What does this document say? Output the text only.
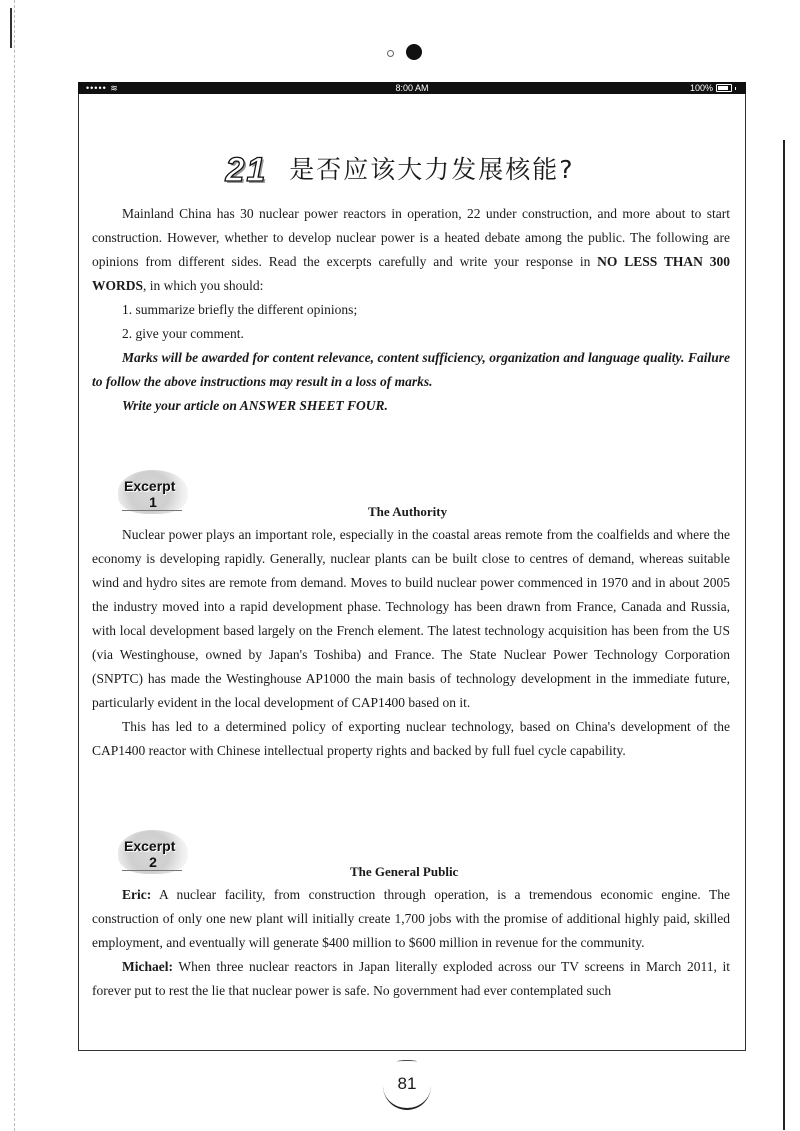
••••• ≋	8:00 AM	100%
21 是否应该大力发展核能?

Mainland China has 30 nuclear power reactors in operation, 22 under construction, and more about to start construction. However, whether to develop nuclear power is a heated debate among the public. The following are opinions from different sides. Read the excerpts carefully and write your response in NO LESS THAN 300 WORDS, in which you should:

1. summarize briefly the different opinions;
2. give your comment.

Marks will be awarded for content relevance, content sufficiency, organization and language quality. Failure to follow the above instructions may result in a loss of marks.

Write your article on ANSWER SHEET FOUR.

Excerpt
1
The Authority

Nuclear power plays an important role, especially in the coastal areas remote from the coalfields and where the economy is developing rapidly. Generally, nuclear plants can be built close to centres of demand, whereas suitable wind and hydro sites are remote from demand. Moves to build nuclear power commenced in 1970 and in about 2005 the industry moved into a rapid development phase. Technology has been drawn from France, Canada and Russia, with local development based largely on the French element. The latest technology acquisition has been from the US (via Westinghouse, owned by Japan's Toshiba) and France. The State Nuclear Power Technology Corporation (SNPTC) has made the Westinghouse AP1000 the main basis of technology development in the immediate future, particularly evident in the local development of CAP1400 based on it.

This has led to a determined policy of exporting nuclear technology, based on China's development of the CAP1400 reactor with Chinese intellectual property rights and backed by full fuel cycle capability.

Excerpt
2
The General Public

Eric: A nuclear facility, from construction through operation, is a tremendous economic engine. The construction of only one new plant will initially create 1,700 jobs with the promise of additional highly paid, skilled employment, and eventually will generate $400 million to $600 million in revenue for the community.

Michael: When three nuclear reactors in Japan literally exploded across our TV screens in March 2011, it forever put to rest the lie that nuclear power is safe. No government had ever contemplated such

81
